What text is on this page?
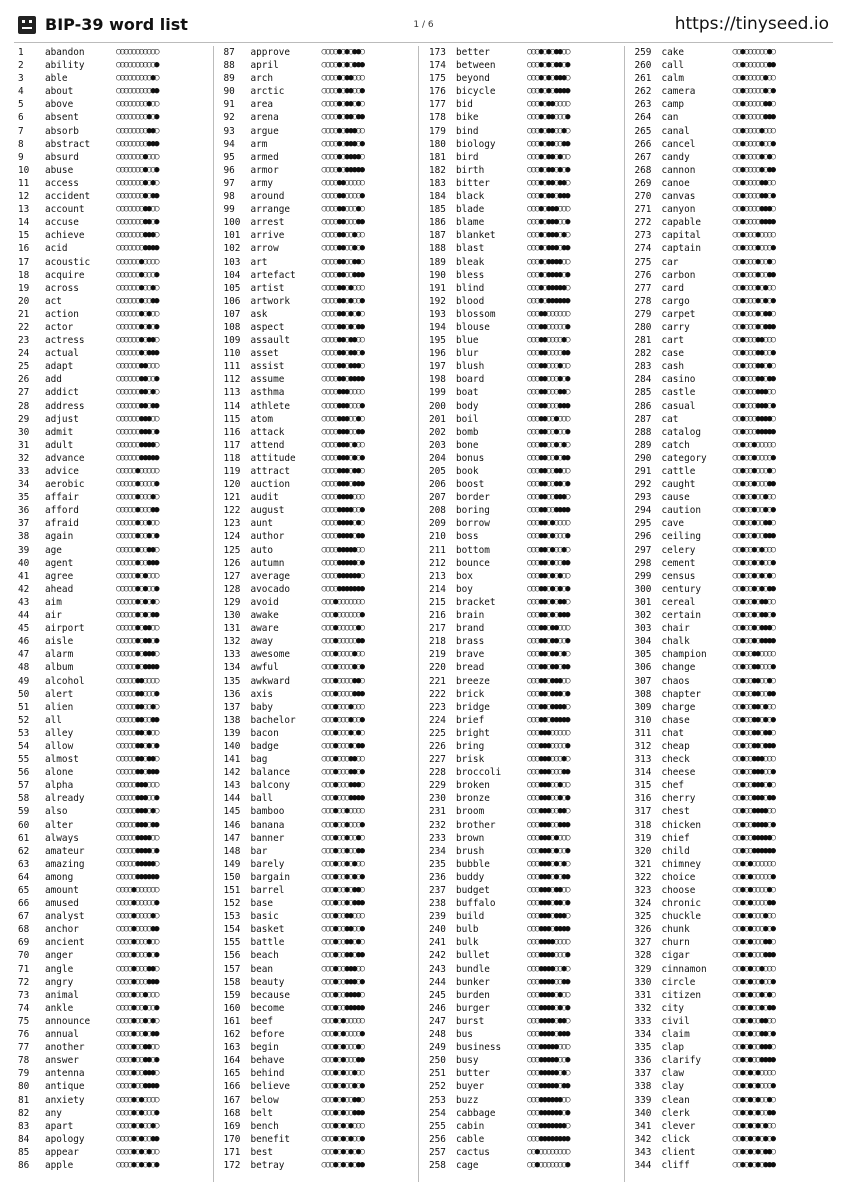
BIP-39 word list	1 / 6	https://tinyseed.io
1	abandon	○○○○○○○○○○○
2	ability	○○○○○○○○○○●
3	able	○○○○○○○○○●○
4	about	○○○○○○○○○●●
5	above	○○○○○○○○●○○
6	absent	○○○○○○○○●○●
7	absorb	○○○○○○○○●●○
8	abstract	○○○○○○○○●●●
9	absurd	○○○○○○○●○○○
10	abuse	○○○○○○○●○○●
11	access	○○○○○○○●○●○
12	accident	○○○○○○○●○●●
13	account	○○○○○○○●●○○
14	accuse	○○○○○○○●●○●
15	achieve	○○○○○○○●●●○
16	acid	○○○○○○○●●●●
17	acoustic	○○○○○○●○○○○
18	acquire	○○○○○○●○○○●
19	across	○○○○○○●○○●○
20	act	○○○○○○●○○●●
21	action	○○○○○○●○●○○
22	actor	○○○○○○●○●○●
23	actress	○○○○○○●○●●○
24	actual	○○○○○○●○●●●
25	adapt	○○○○○○●●○○○
26	add	○○○○○○●●○○●
27	addict	○○○○○○●●○●○
28	address	○○○○○○●●○●●
29	adjust	○○○○○○●●●○○
30	admit	○○○○○○●●●○●
31	adult	○○○○○○●●●●○
32	advance	○○○○○○●●●●●
33	advice	○○○○○●○○○○○
34	aerobic	○○○○○●○○○○●
35	affair	○○○○○●○○○●○
36	afford	○○○○○●○○○●●
37	afraid	○○○○○●○○●○○
38	again	○○○○○●○○●○●
39	age	○○○○○●○○●●○
40	agent	○○○○○●○○●●●
41	agree	○○○○○●○●○○○
42	ahead	○○○○○●○●○○●
43	aim	○○○○○●○●○●○
44	air	○○○○○●○●○●●
45	airport	○○○○○●○●●○○
46	aisle	○○○○○●○●●○●
47	alarm	○○○○○●○●●●○
48	album	○○○○○●○●●●●
49	alcohol	○○○○○●●○○○○
50	alert	○○○○○●●○○○●
51	alien	○○○○○●●○○●○
52	all	○○○○○●●○○●●
53	alley	○○○○○●●○●○○
54	allow	○○○○○●●○●○●
55	almost	○○○○○●●○●●○
56	alone	○○○○○●●○●●●
57	alpha	○○○○○●●●○○○
58	already	○○○○○●●●○○●
59	also	○○○○○●●●○●○
60	alter	○○○○○●●●○●●
61	always	○○○○○●●●●○○
62	amateur	○○○○○●●●●○●
63	amazing	○○○○○●●●●●○
64	among	○○○○○●●●●●●
65	amount	○○○○●○○○○○○
66	amused	○○○○●○○○○○●
67	analyst	○○○○●○○○○●○
68	anchor	○○○○●○○○○●●
69	ancient	○○○○●○○○●○○
70	anger	○○○○●○○○●○●
71	angle	○○○○●○○○●●○
72	angry	○○○○●○○○●●●
73	animal	○○○○●○○●○○○
74	ankle	○○○○●○○●○○●
75	announce	○○○○●○○●○●○
76	annual	○○○○●○○●○●●
77	another	○○○○●○○●●○○
78	answer	○○○○●○○●●○●
79	antenna	○○○○●○○●●●○
80	antique	○○○○●○○●●●●
81	anxiety	○○○○●○●○○○○
82	any	○○○○●○●○○○●
83	apart	○○○○●○●○○●○
84	apology	○○○○●○●○○●●
85	appear	○○○○●○●○●○○
86	apple	○○○○●○●○●○●
87	approve	○○○○●○●○●●○
88	april	○○○○●○●○●●●
89	arch	○○○○●○●●○○○
90	arctic	○○○○●○●●○○●
91	area	○○○○●○●●○●○
92	arena	○○○○●○●●○●●
93	argue	○○○○●○●●●○○
94	arm	○○○○●○●●●○●
95	armed	○○○○●○●●●●○
96	armor	○○○○●○●●●●●
97	army	○○○○●●○○○○○
98	around	○○○○●●○○○○●
99	arrange	○○○○●●○○○●○
100	arrest	○○○○●●○○○●●
101	arrive	○○○○●●○○●○○
102	arrow	○○○○●●○○●○●
103	art	○○○○●●○○●●○
104	artefact	○○○○●●○○●●●
105	artist	○○○○●●○●○○○
106	artwork	○○○○●●○●○○●
107	ask	○○○○●●○●○●○
108	aspect	○○○○●●○●○●●
109	assault	○○○○●●○●●○○
110	asset	○○○○●●○●●○●
111	assist	○○○○●●○●●●○
112	assume	○○○○●●○●●●●
113	asthma	○○○○●●●○○○○
114	athlete	○○○○●●●○○○●
115	atom	○○○○●●●○○●○
116	attack	○○○○●●●○○●●
117	attend	○○○○●●●○●○○
118	attitude	○○○○●●●○●○●
119	attract	○○○○●●●○●●○
120	auction	○○○○●●●○●●●
121	audit	○○○○●●●●○○○
122	august	○○○○●●●●○○●
123	aunt	○○○○●●●●○●○
124	author	○○○○●●●●○●●
125	auto	○○○○●●●●●○○
126	autumn	○○○○●●●●●○●
127	average	○○○○●●●●●●○
128	avocado	○○○○●●●●●●●
129	avoid	○○○●○○○○○○○
130	awake	○○○●○○○○○○●
131	aware	○○○●○○○○○●○
132	away	○○○●○○○○○●●
133	awesome	○○○●○○○○●○○
134	awful	○○○●○○○○●○●
135	awkward	○○○●○○○○●●○
136	axis	○○○●○○○○●●●
137	baby	○○○●○○○●○○○
138	bachelor	○○○●○○○●○○●
139	bacon	○○○●○○○●○●○
140	badge	○○○●○○○●○●●
141	bag	○○○●○○○●●○○
142	balance	○○○●○○○●●○●
143	balcony	○○○●○○○●●●○
144	ball	○○○●○○○●●●●
145	bamboo	○○○●○○●○○○○
146	banana	○○○●○○●○○○●
147	banner	○○○●○○●○○●○
148	bar	○○○●○○●○○●●
149	barely	○○○●○○●○●○○
150	bargain	○○○●○○●○●○●
151	barrel	○○○●○○●○●●○
152	base	○○○●○○●○●●●
153	basic	○○○●○○●●○○○
154	basket	○○○●○○●●○○●
155	battle	○○○●○○●●○●○
156	beach	○○○●○○●●○●●
157	bean	○○○●○○●●●○○
158	beauty	○○○●○○●●●○●
159	because	○○○●○○●●●●○
160	become	○○○●○○●●●●●
161	beef	○○○●○●○○○○○
162	before	○○○●○●○○○○●
163	begin	○○○●○●○○○●○
164	behave	○○○●○●○○○●●
165	behind	○○○●○●○○●○○
166	believe	○○○●○●○○●○●
167	below	○○○●○●○○●●○
168	belt	○○○●○●○○●●●
169	bench	○○○●○●○●○○○
170	benefit	○○○●○●○●○○●
171	best	○○○●○●○●○●○
172	betray	○○○●○●○●○●●
173	better	○○○●○●○●●○○
174	between	○○○●○●○●●○●
175	beyond	○○○●○●○●●●○
176	bicycle	○○○●○●○●●●●
177	bid	○○○●○●●○○○○
178	bike	○○○●○●●○○○●
179	bind	○○○●○●●○○●○
180	biology	○○○●○●●○○●●
181	bird	○○○●○●●○●○○
182	birth	○○○●○●●○●○●
183	bitter	○○○●○●●○●●○
184	black	○○○●○●●○●●●
185	blade	○○○●○●●●○○○
186	blame	○○○●○●●●○○●
187	blanket	○○○●○●●●○●○
188	blast	○○○●○●●●○●●
189	bleak	○○○●○●●●●○○
190	bless	○○○●○●●●●○●
191	blind	○○○●○●●●●●○
192	blood	○○○●○●●●●●●
193	blossom	○○○●●○○○○○○
194	blouse	○○○●●○○○○○●
195	blue	○○○●●○○○○●○
196	blur	○○○●●○○○○●●
197	blush	○○○●●○○○●○○
198	board	○○○●●○○○●○●
199	boat	○○○●●○○○●●○
200	body	○○○●●○○○●●●
201	boil	○○○●●○○●○○○
202	bomb	○○○●●○○●○○●
203	bone	○○○●●○○●○●○
204	bonus	○○○●●○○●○●●
205	book	○○○●●○○●●○○
206	boost	○○○●●○○●●○●
207	border	○○○●●○○●●●○
208	boring	○○○●●○○●●●●
209	borrow	○○○●●○●○○○○
210	boss	○○○●●○●○○○●
211	bottom	○○○●●○●○○●○
212	bounce	○○○●●○●○○●●
213	box	○○○●●○●○●○○
214	boy	○○○●●○●○●○●
215	bracket	○○○●●○●○●●○
216	brain	○○○●●○●○●●●
217	brand	○○○●●○●●○○○
218	brass	○○○●●○●●○○●
219	brave	○○○●●○●●○●○
220	bread	○○○●●○●●○●●
221	breeze	○○○●●○●●●○○
222	brick	○○○●●○●●●○●
223	bridge	○○○●●○●●●●○
224	brief	○○○●●○●●●●●
225	bright	○○○●●●○○○○○
226	bring	○○○●●●○○○○●
227	brisk	○○○●●●○○○●○
228	broccoli	○○○●●●○○○●●
229	broken	○○○●●●○○●○○
230	bronze	○○○●●●○○●○●
231	broom	○○○●●●○○●●○
232	brother	○○○●●●○○●●●
233	brown	○○○●●●○●○○○
234	brush	○○○●●●○●○○●
235	bubble	○○○●●●○●○●○
236	buddy	○○○●●●○●○●●
237	budget	○○○●●●○●●○○
238	buffalo	○○○●●●○●●○●
239	build	○○○●●●○●●●○
240	bulb	○○○●●●○●●●●
241	bulk	○○○●●●●○○○○
242	bullet	○○○●●●●○○○●
243	bundle	○○○●●●●○○●○
244	bunker	○○○●●●●○○●●
245	burden	○○○●●●●○●○○
246	burger	○○○●●●●○●○●
247	burst	○○○●●●●○●●○
248	bus	○○○●●●●○●●●
249	business	○○○●●●●●○○○
250	busy	○○○●●●●●○○●
251	butter	○○○●●●●●○●○
252	buyer	○○○●●●●●○●●
253	buzz	○○○●●●●●●○○
254	cabbage	○○○●●●●●●○●
255	cabin	○○○●●●●●●●○
256	cable	○○○●●●●●●●●
257	cactus	○○●○○○○○○○○
258	cage	○○●○○○○○○○●
259	cake	○○●○○○○○○●○
260	call	○○●○○○○○○●●
261	calm	○○●○○○○○●○○
262	camera	○○●○○○○○●○●
263	camp	○○●○○○○○●●○
264	can	○○●○○○○○●●●
265	canal	○○●○○○○●○○○
266	cancel	○○●○○○○●○○●
267	candy	○○●○○○○●○●○
268	cannon	○○●○○○○●○●●
269	canoe	○○●○○○○●●○○
270	canvas	○○●○○○○●●○●
271	canyon	○○●○○○○●●●○
272	capable	○○●○○○○●●●●
273	capital	○○●○○○●○○○○
274	captain	○○●○○○●○○○●
275	car	○○●○○○●○○●○
276	carbon	○○●○○○●○○●●
277	card	○○●○○○●○●○○
278	cargo	○○●○○○●○●○●
279	carpet	○○●○○○●○●●○
280	carry	○○●○○○●○●●●
281	cart	○○●○○○●●○○○
282	case	○○●○○○●●○○●
283	cash	○○●○○○●●○●○
284	casino	○○●○○○●●○●●
285	castle	○○●○○○●●●○○
286	casual	○○●○○○●●●○●
287	cat	○○●○○○●●●●○
288	catalog	○○●○○○●●●●●
289	catch	○○●○○●○○○○○
290	category	○○●○○●○○○○●
291	cattle	○○●○○●○○○●○
292	caught	○○●○○●○○○●●
293	cause	○○●○○●○○●○○
294	caution	○○●○○●○○●○●
295	cave	○○●○○●○○●●○
296	ceiling	○○●○○●○○●●●
297	celery	○○●○○●○●○○○
298	cement	○○●○○●○●○○●
299	census	○○●○○●○●○●○
300	century	○○●○○●○●○●●
301	cereal	○○●○○●○●●○○
302	certain	○○●○○●○●●○●
303	chair	○○●○○●○●●●○
304	chalk	○○●○○●○●●●●
305	champion	○○●○○●●○○○○
306	change	○○●○○●●○○○●
307	chaos	○○●○○●●○○●○
308	chapter	○○●○○●●○○●●
309	charge	○○●○○●●○●○○
310	chase	○○●○○●●○●○●
311	chat	○○●○○●●○●●○
312	cheap	○○●○○●●○●●●
313	check	○○●○○●●●○○○
314	cheese	○○●○○●●●○○●
315	chef	○○●○○●●●○●○
316	cherry	○○●○○●●●○●●
317	chest	○○●○○●●●●○○
318	chicken	○○●○○●●●●○●
319	chief	○○●○○●●●●●○
320	child	○○●○○●●●●●●
321	chimney	○○●○●○○○○○○
322	choice	○○●○●○○○○○●
323	choose	○○●○●○○○○●○
324	chronic	○○●○●○○○○●●
325	chuckle	○○●○●○○○●○○
326	chunk	○○●○●○○○●○●
327	churn	○○●○●○○○●●○
328	cigar	○○●○●○○○●●●
329	cinnamon	○○●○●○○●○○○
330	circle	○○●○●○○●○○●
331	citizen	○○●○●○○●○●○
332	city	○○●○●○○●○●●
333	civil	○○●○●○○●●○○
334	claim	○○●○●○○●●○●
335	clap	○○●○●○○●●●○
336	clarify	○○●○●○○●●●●
337	claw	○○●○●○●○○○○
338	clay	○○●○●○●○○○●
339	clean	○○●○●○●○○●○
340	clerk	○○●○●○●○○●●
341	clever	○○●○●○●○●○○
342	click	○○●○●○●○●○●
343	client	○○●○●○●○●●○
344	cliff	○○●○●○●○●●●
